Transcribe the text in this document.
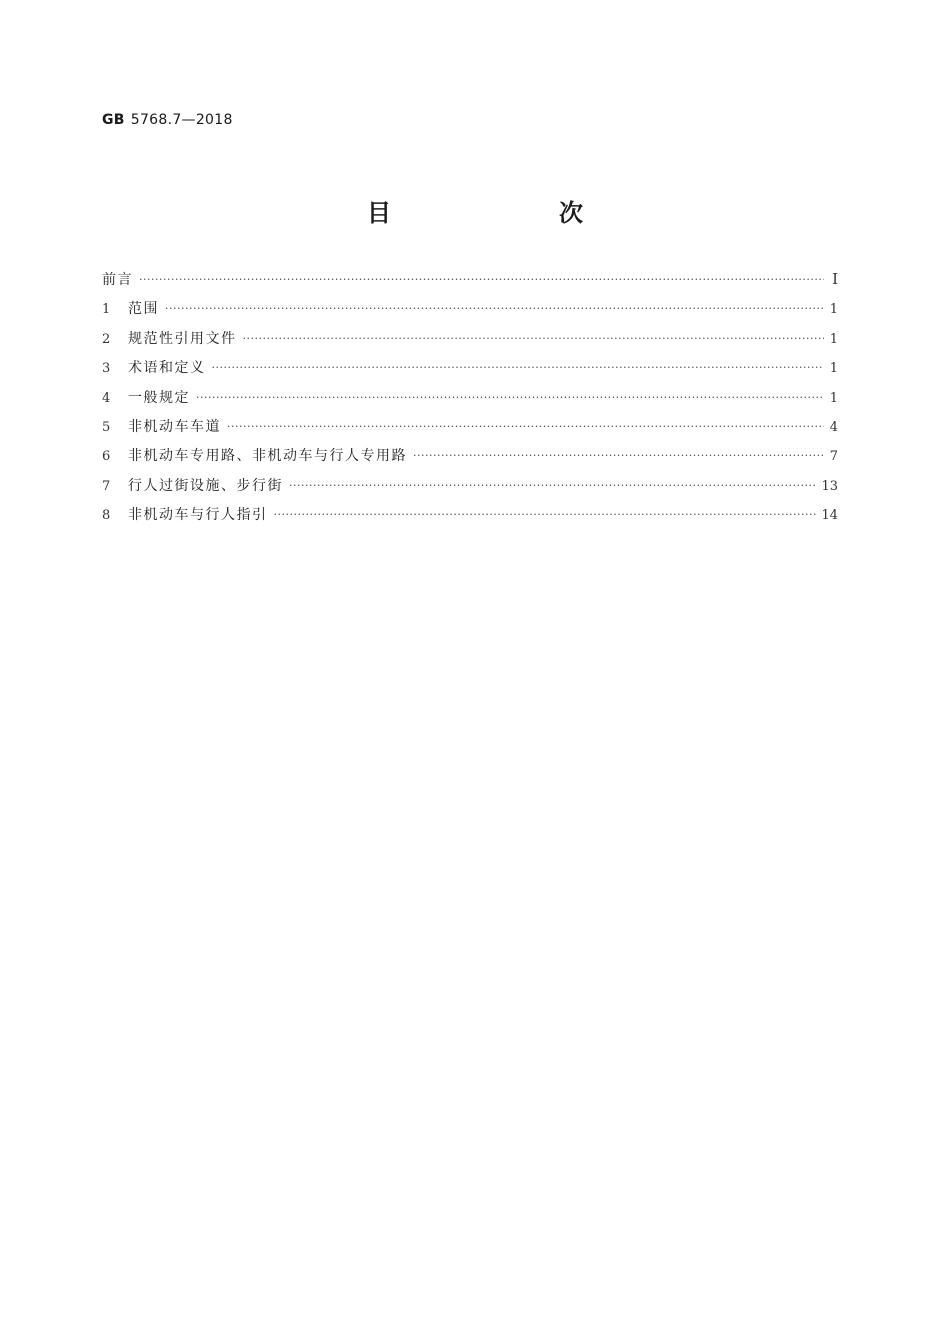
GB 5768.7—2018
目　　次
前言 ·····	Ⅰ
1	范围 ·····	1
2	规范性引用文件 ·····	1
3	术语和定义 ·····	1
4	一般规定 ·····	1
5	非机动车车道 ·····	4
6	非机动车专用路、非机动车与行人专用路 ·····	7
7	行人过街设施、步行街 ·····	13
8	非机动车与行人指引 ·····	14
